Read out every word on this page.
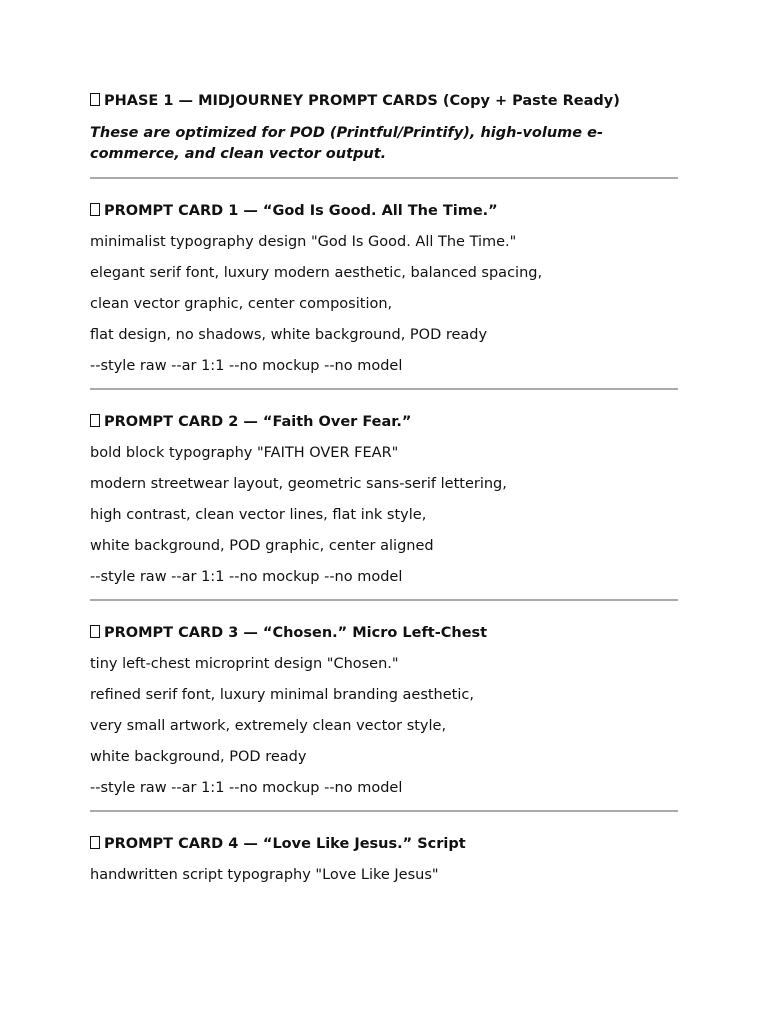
PHASE 1 — MIDJOURNEY PROMPT CARDS (Copy + Paste Ready)

These are optimized for POD (Printful/Printify), high-volume e-commerce, and clean vector output.

PROMPT CARD 1 — “God Is Good. All The Time.”
minimalist typography design "God Is Good. All The Time."
elegant serif font, luxury modern aesthetic, balanced spacing,
clean vector graphic, center composition,
flat design, no shadows, white background, POD ready
--style raw --ar 1:1 --no mockup --no model
PROMPT CARD 2 — “Faith Over Fear.”
bold block typography "FAITH OVER FEAR"
modern streetwear layout, geometric sans-serif lettering,
high contrast, clean vector lines, flat ink style,
white background, POD graphic, center aligned
--style raw --ar 1:1 --no mockup --no model
PROMPT CARD 3 — “Chosen.” Micro Left-Chest
tiny left-chest microprint design "Chosen."
refined serif font, luxury minimal branding aesthetic,
very small artwork, extremely clean vector style,
white background, POD ready
--style raw --ar 1:1 --no mockup --no model
PROMPT CARD 4 — “Love Like Jesus.” Script
handwritten script typography "Love Like Jesus"
